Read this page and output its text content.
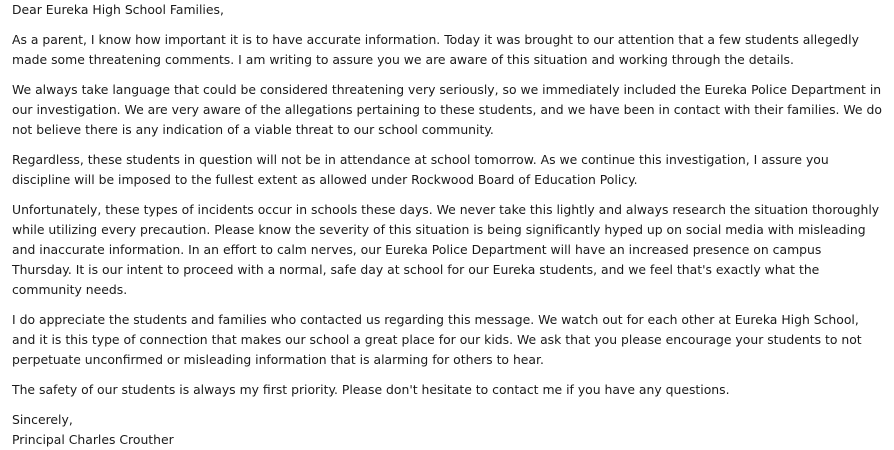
Dear Eureka High School Families,

As a parent, I know how important it is to have accurate information. Today it was brought to our attention that a few students allegedly made some threatening comments. I am writing to assure you we are aware of this situation and working through the details.

We always take language that could be considered threatening very seriously, so we immediately included the Eureka Police Department in our investigation. We are very aware of the allegations pertaining to these students, and we have been in contact with their families. We do not believe there is any indication of a viable threat to our school community.

Regardless, these students in question will not be in attendance at school tomorrow. As we continue this investigation, I assure you discipline will be imposed to the fullest extent as allowed under Rockwood Board of Education Policy.

Unfortunately, these types of incidents occur in schools these days. We never take this lightly and always research the situation thoroughly while utilizing every precaution. Please know the severity of this situation is being significantly hyped up on social media with misleading and inaccurate information. In an effort to calm nerves, our Eureka Police Department will have an increased presence on campus Thursday. It is our intent to proceed with a normal, safe day at school for our Eureka students, and we feel that's exactly what the community needs.

I do appreciate the students and families who contacted us regarding this message. We watch out for each other at Eureka High School, and it is this type of connection that makes our school a great place for our kids. We ask that you please encourage your students to not perpetuate unconfirmed or misleading information that is alarming for others to hear.

The safety of our students is always my first priority. Please don't hesitate to contact me if you have any questions.

Sincerely,

Principal Charles Crouther
